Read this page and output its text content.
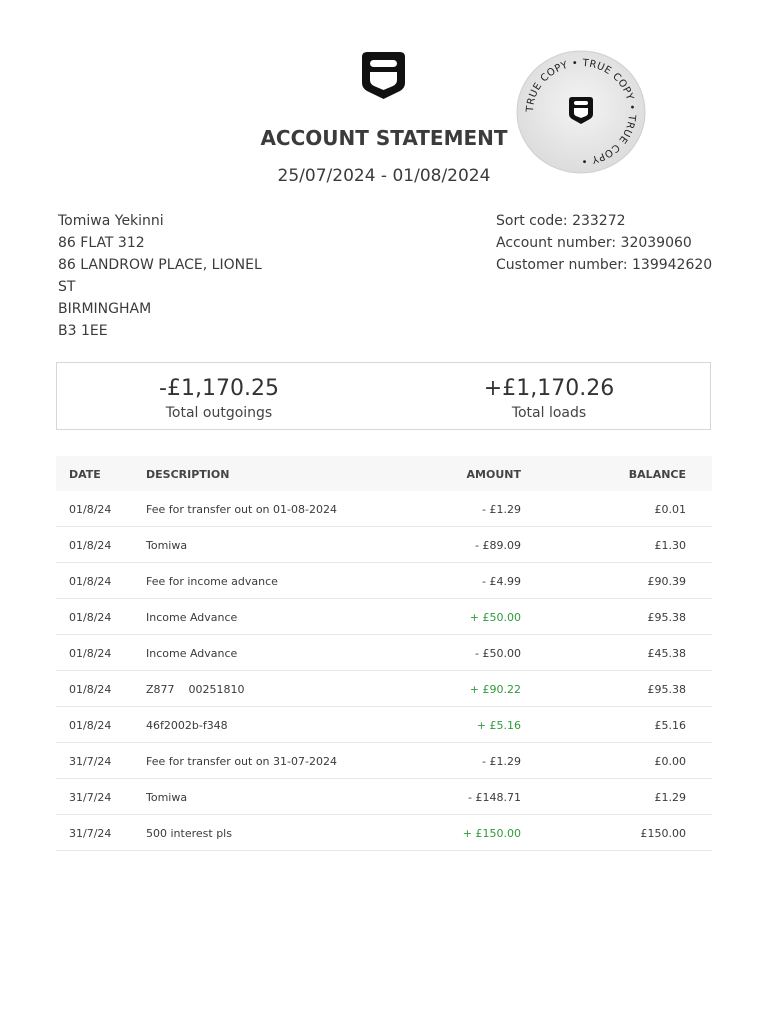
TRUE COPY • TRUE COPY • TRUE COPY •
ACCOUNT STATEMENT
25/07/2024 - 01/08/2024
Tomiwa Yekinni
86 FLAT 312
86 LANDROW PLACE, LIONEL
ST
BIRMINGHAM
B3 1EE
Sort code: 233272
Account number: 32039060
Customer number: 139942620
-£1,170.25
Total outgoings
+£1,170.26
Total loads
DATE	DESCRIPTION	AMOUNT	BALANCE
01/8/24	Fee for transfer out on 01-08-2024	- £1.29	£0.01
01/8/24	Tomiwa	- £89.09	£1.30
01/8/24	Fee for income advance	- £4.99	£90.39
01/8/24	Income Advance	+ £50.00	£95.38
01/8/24	Income Advance	- £50.00	£45.38
01/8/24	Z877    00251810	+ £90.22	£95.38
01/8/24	46f2002b-f348	+ £5.16	£5.16
31/7/24	Fee for transfer out on 31-07-2024	- £1.29	£0.00
31/7/24	Tomiwa	- £148.71	£1.29
31/7/24	500 interest pls	+ £150.00	£150.00
